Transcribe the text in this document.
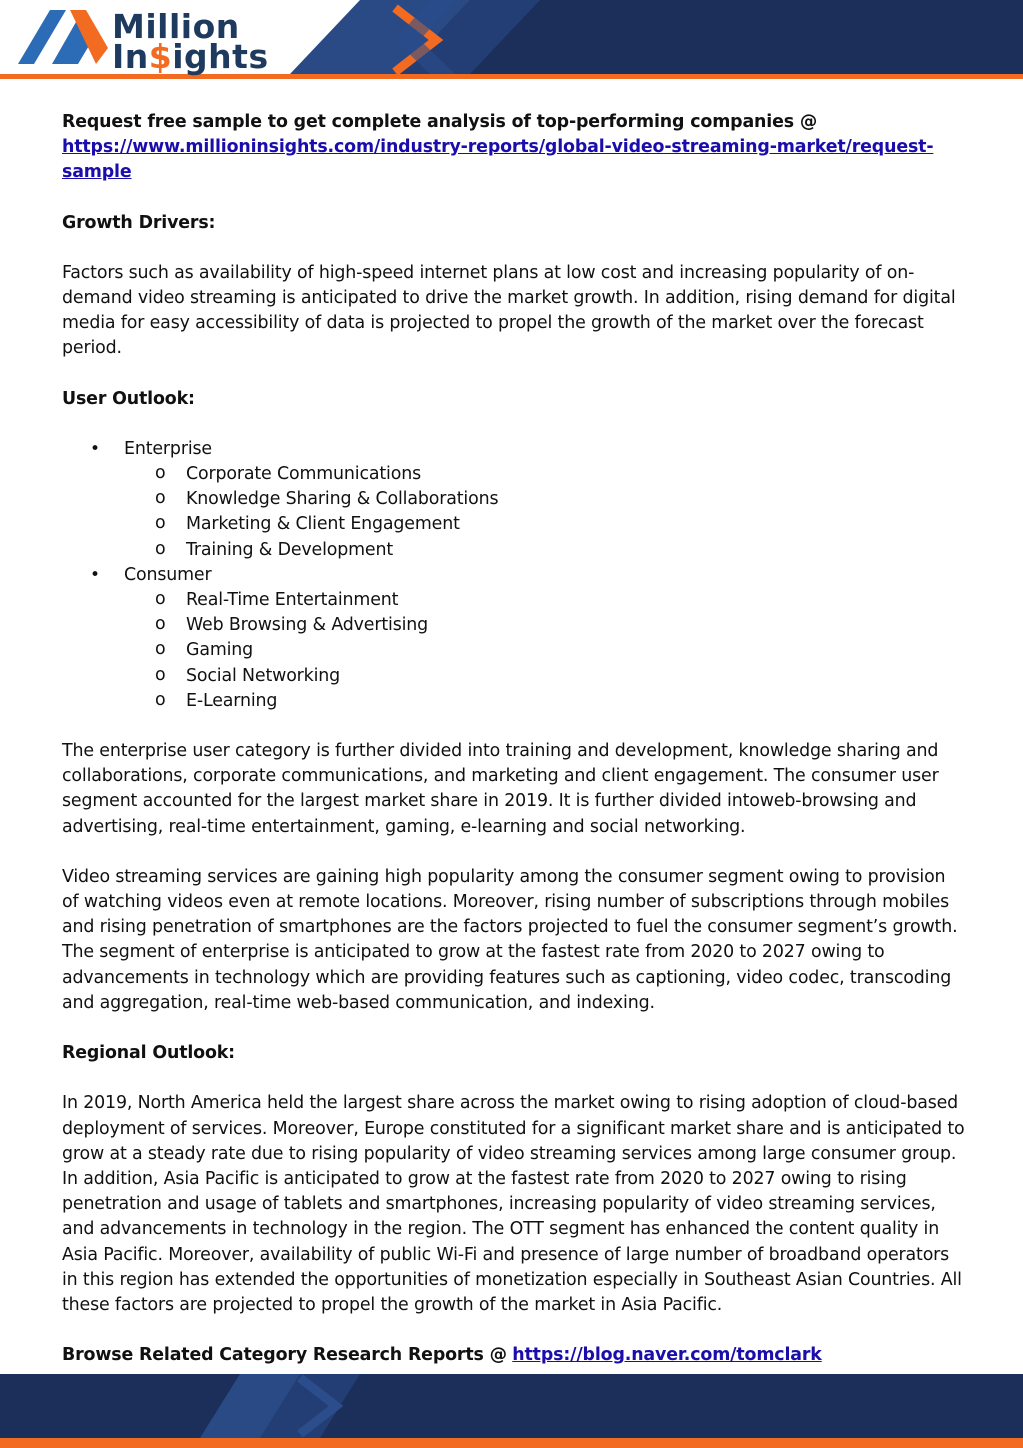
Million
In$ights

Request free sample to get complete analysis of top-performing companies @
https://www.millioninsights.com/industry-reports/global-video-streaming-market/request-sample

Growth Drivers:

Factors such as availability of high-speed internet plans at low cost and increasing popularity of on-demand video streaming is anticipated to drive the market growth. In addition, rising demand for digital media for easy accessibility of data is projected to propel the growth of the market over the forecast period.

User Outlook:

• Enterprise
o Corporate Communications
o Knowledge Sharing & Collaborations
o Marketing & Client Engagement
o Training & Development
• Consumer
o Real-Time Entertainment
o Web Browsing & Advertising
o Gaming
o Social Networking
o E-Learning

The enterprise user category is further divided into training and development, knowledge sharing and collaborations, corporate communications, and marketing and client engagement. The consumer user segment accounted for the largest market share in 2019. It is further divided intoweb-browsing and advertising, real-time entertainment, gaming, e-learning and social networking.

Video streaming services are gaining high popularity among the consumer segment owing to provision of watching videos even at remote locations. Moreover, rising number of subscriptions through mobiles and rising penetration of smartphones are the factors projected to fuel the consumer segment’s growth. The segment of enterprise is anticipated to grow at the fastest rate from 2020 to 2027 owing to advancements in technology which are providing features such as captioning, video codec, transcoding and aggregation, real-time web-based communication, and indexing.

Regional Outlook:

In 2019, North America held the largest share across the market owing to rising adoption of cloud-based deployment of services. Moreover, Europe constituted for a significant market share and is anticipated to grow at a steady rate due to rising popularity of video streaming services among large consumer group. In addition, Asia Pacific is anticipated to grow at the fastest rate from 2020 to 2027 owing to rising penetration and usage of tablets and smartphones, increasing popularity of video streaming services, and advancements in technology in the region. The OTT segment has enhanced the content quality in Asia Pacific. Moreover, availability of public Wi-Fi and presence of large number of broadband operators in this region has extended the opportunities of monetization especially in Southeast Asian Countries. All these factors are projected to propel the growth of the market in Asia Pacific.

Browse Related Category Research Reports @ https://blog.naver.com/tomclark
